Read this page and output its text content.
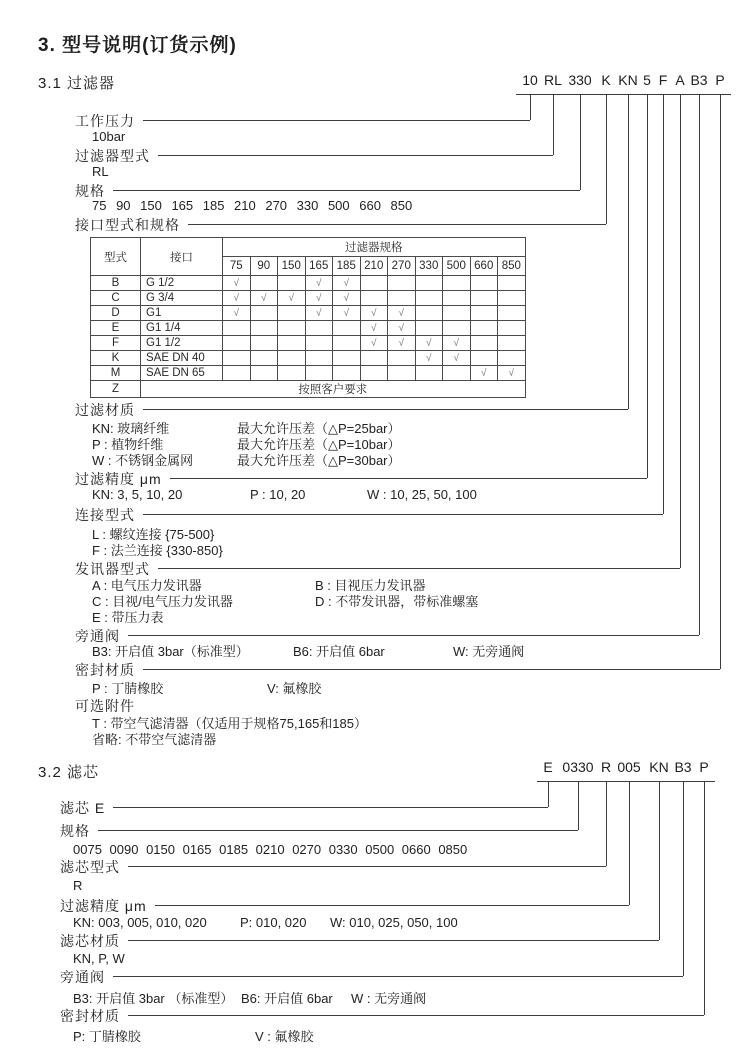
3. 型号说明(订货示例)
3.1 过滤器
工作压力
过滤器型式
规格
接口型式和规格
过滤材质
过滤精度 μm
连接型式
发讯器型式
旁通阀
密封材质
可选附件
10bar
RL
75 90 150 165 185 210 270 330 500 660 850
型式	接口	过滤器规格										
		75	90	150	165	185	210	270	330	500	660	850
B	G 1/2	√			√	√						
C	G 3/4	√	√	√	√	√						
D	G1	√			√	√	√	√				
E	G1 1/4						√	√				
F	G1 1/2						√	√	√	√		
K	SAE DN 40								√	√		
M	SAE DN 65										√	√
Z	按照客户要求											
KN: 玻璃纤维	最大允许压差（△P=25bar）
P : 植物纤维	最大允许压差（△P=10bar）
W : 不锈钢金属网	最大允许压差（△P=30bar）
KN: 3, 5, 10, 20	P : 10, 20	W : 10, 25, 50, 100
L : 螺纹连接 {75-500}
F : 法兰连接 {330-850}
A : 电气压力发讯器	B : 目视压力发讯器
C : 目视/电气压力发讯器	D : 不带发讯器，带标准螺塞
E : 带压力表
B3: 开启值 3bar（标准型）	B6: 开启值 6bar	W: 无旁通阀
P : 丁腈橡胶	V: 氟橡胶
T : 带空气滤清器（仅适用于规格75,165和185）
省略: 不带空气滤清器
3.2 滤芯
滤芯 E
规格
滤芯型式
过滤精度 μm
滤芯材质
旁通阀
密封材质
0075 0090 0150 0165 0185 0210 0270 0330 0500 0660 0850
R
KN: 003, 005, 010, 020	P: 010, 020 W: 010, 025, 050, 100
KN, P, W
B3: 开启值 3bar （标准型） B6: 开启值 6bar W : 无旁通阀
P: 丁腈橡胶	V : 氟橡胶
10 RL 330 K KN 5 F A B3 P
E 0330 R 005 KN B3 P
